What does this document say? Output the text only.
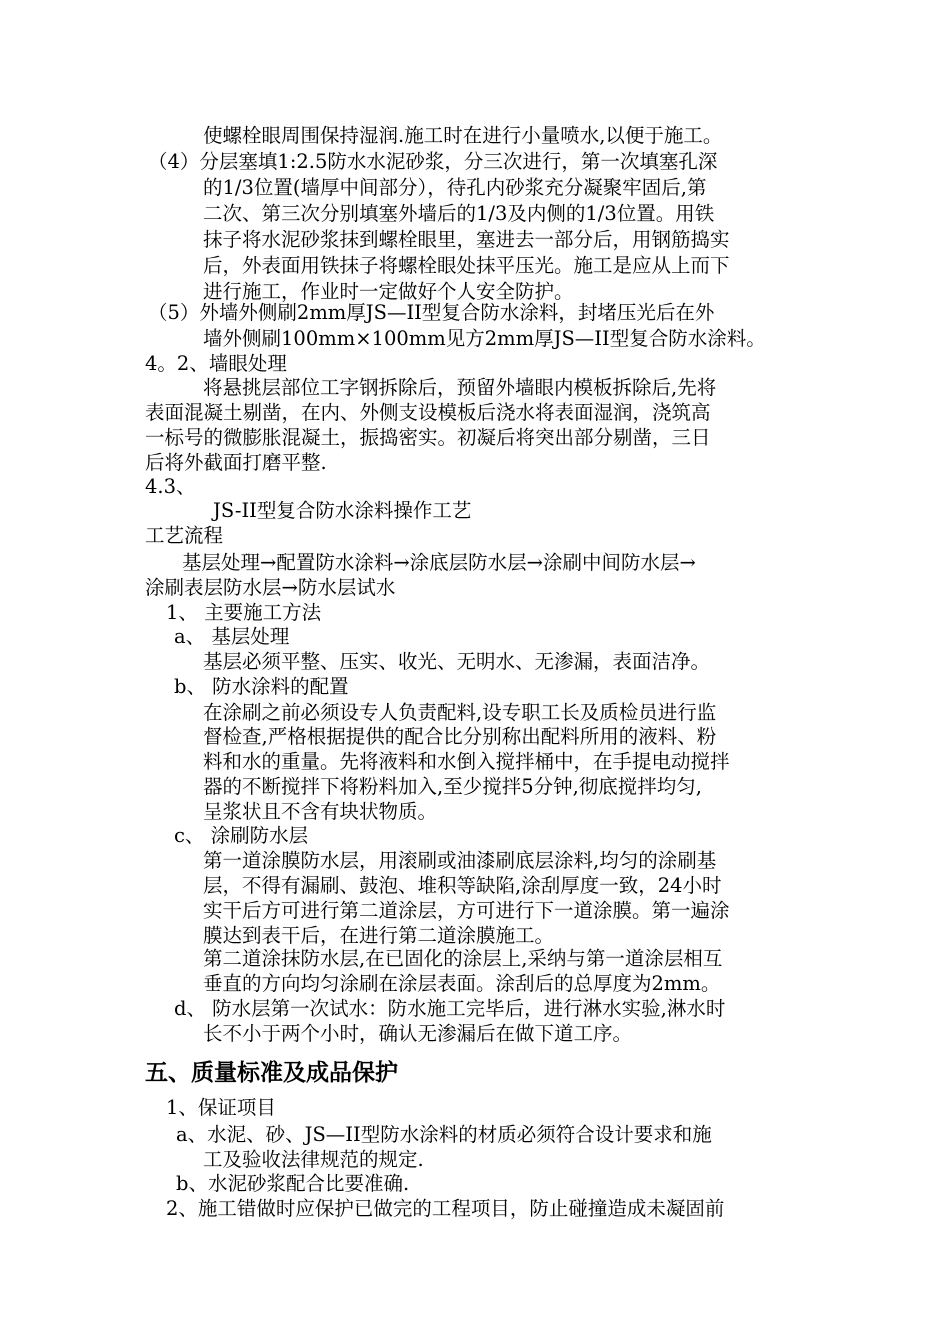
使螺栓眼周围保持湿润.施工时在进行小量喷水,以便于施工。
（4）分层塞填1:2.5防水水泥砂浆，分三次进行，第一次填塞孔深
的1/3位置(墙厚中间部分），待孔内砂浆充分凝聚牢固后,第
二次、第三次分别填塞外墙后的1/3及内侧的1/3位置。用铁
抹子将水泥砂浆抹到螺栓眼里，塞进去一部分后，用钢筋捣实
后，外表面用铁抹子将螺栓眼处抹平压光。施工是应从上而下
进行施工，作业时一定做好个人安全防护。
（5）外墙外侧刷2mm厚JS—II型复合防水涂料，封堵压光后在外
墙外侧刷100mm×100mm见方2mm厚JS—II型复合防水涂料。
4。2、墙眼处理
将悬挑层部位工字钢拆除后，预留外墙眼内模板拆除后,先将
表面混凝土剔凿，在内、外侧支设模板后浇水将表面湿润，浇筑高
一标号的微膨胀混凝土，振捣密实。初凝后将突出部分剔凿，三日
后将外截面打磨平整.
4.3、
JS-II型复合防水涂料操作工艺
工艺流程
基层处理→配置防水涂料→涂底层防水层→涂刷中间防水层→
涂刷表层防水层→防水层试水
1、 主要施工方法
a、 基层处理
基层必须平整、压实、收光、无明水、无渗漏，表面洁净。
b、 防水涂料的配置
在涂刷之前必须设专人负责配料,设专职工长及质检员进行监
督检查,严格根据提供的配合比分别称出配料所用的液料、粉
料和水的重量。先将液料和水倒入搅拌桶中，在手提电动搅拌
器的不断搅拌下将粉料加入,至少搅拌5分钟,彻底搅拌均匀,
呈浆状且不含有块状物质。
c、 涂刷防水层
第一道涂膜防水层，用滚刷或油漆刷底层涂料,均匀的涂刷基
层，不得有漏刷、鼓泡、堆积等缺陷,涂刮厚度一致，24小时
实干后方可进行第二道涂层，方可进行下一道涂膜。第一遍涂
膜达到表干后，在进行第二道涂膜施工。
第二道涂抹防水层,在已固化的涂层上,采纳与第一道涂层相互
垂直的方向均匀涂刷在涂层表面。涂刮后的总厚度为2mm。
d、 防水层第一次试水：防水施工完毕后，进行淋水实验,淋水时
长不小于两个小时，确认无渗漏后在做下道工序。
五、质量标准及成品保护
1、保证项目
a、水泥、砂、JS—II型防水涂料的材质必须符合设计要求和施
工及验收法律规范的规定.
b、水泥砂浆配合比要准确.
2、施工错做时应保护已做完的工程项目，防止碰撞造成未凝固前
